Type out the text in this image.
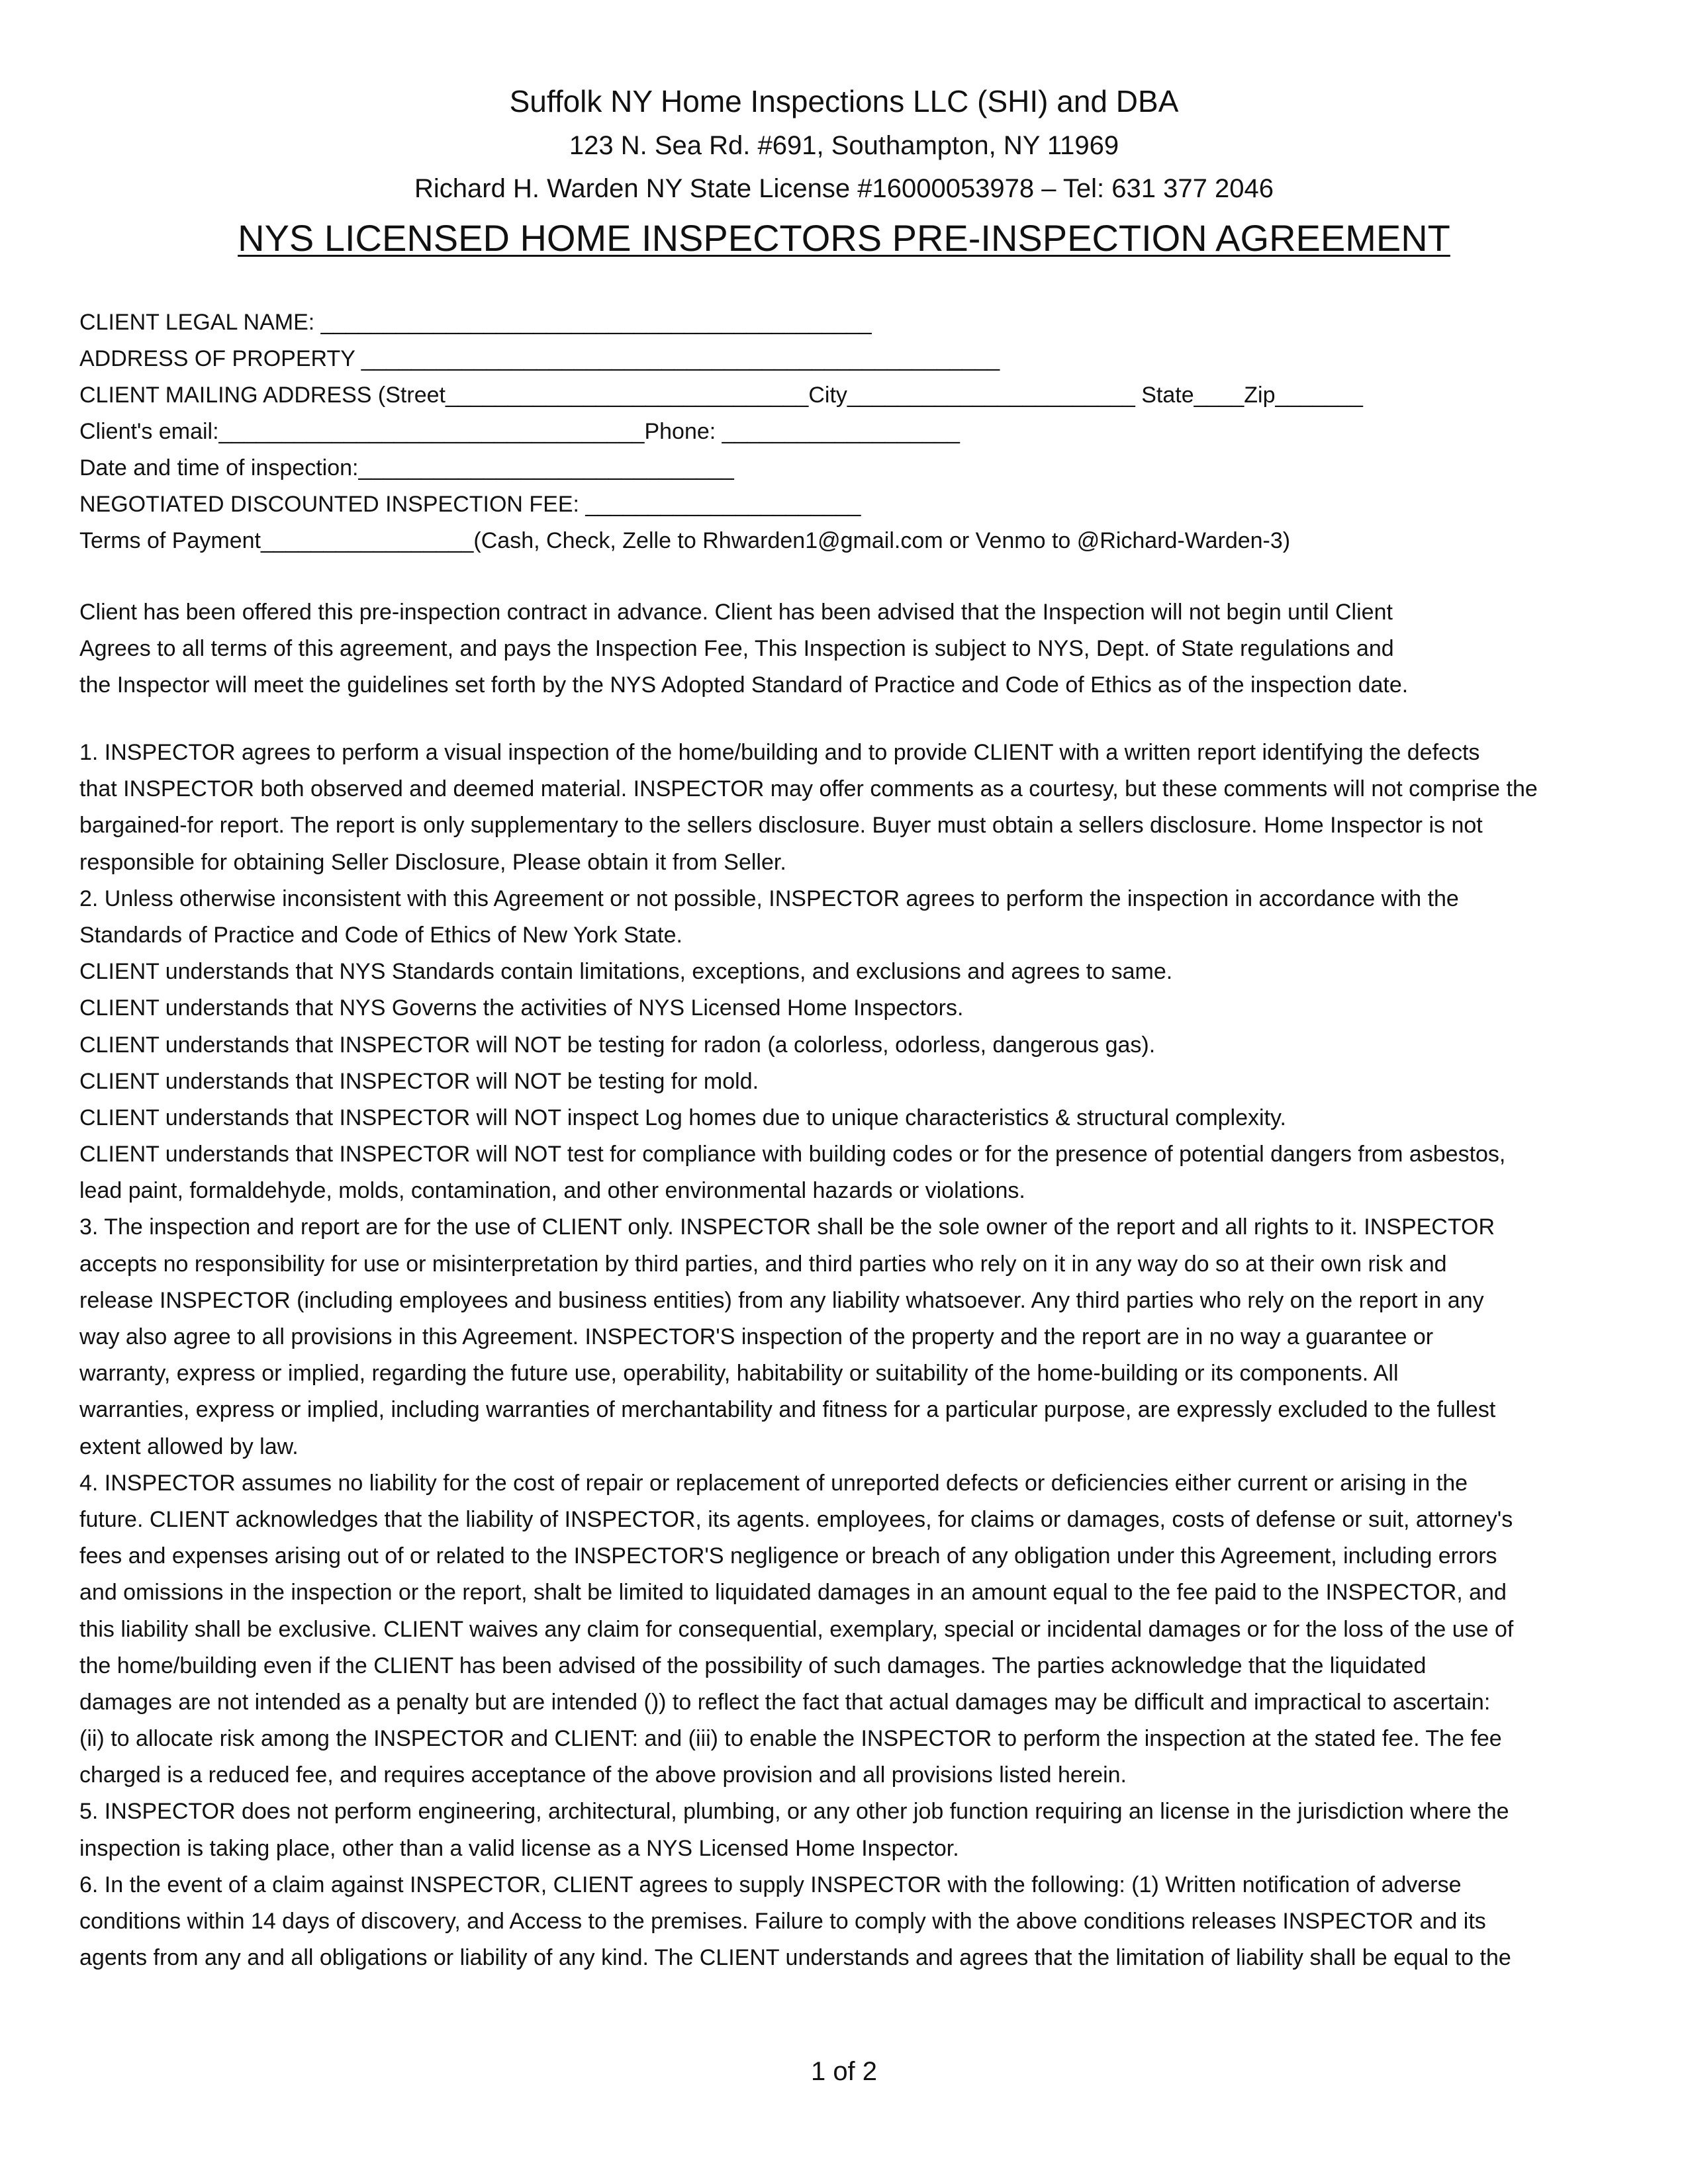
Suffolk NY Home Inspections LLC (SHI) and DBA
123 N. Sea Rd. #691, Southampton, NY 11969
Richard H. Warden NY State License #16000053978 – Tel: 631 377 2046
NYS LICENSED HOME INSPECTORS PRE-INSPECTION AGREEMENT
CLIENT LEGAL NAME: ____________________________________________
ADDRESS OF PROPERTY ___________________________________________________
CLIENT MAILING ADDRESS (Street_____________________________City_______________________ State____Zip_______
Client's email:__________________________________Phone: ___________________
Date and time of inspection:______________________________
NEGOTIATED DISCOUNTED INSPECTION FEE: ______________________
Terms of Payment_________________(Cash, Check, Zelle to Rhwarden1@gmail.com or Venmo to @Richard-Warden-3)
Client has been offered this pre-inspection contract in advance. Client has been advised that the Inspection will not begin until Client
Agrees to all terms of this agreement, and pays the Inspection Fee, This Inspection is subject to NYS, Dept. of State regulations and
the Inspector will meet the guidelines set forth by the NYS Adopted Standard of Practice and Code of Ethics as of the inspection date.
1. INSPECTOR agrees to perform a visual inspection of the home/building and to provide CLIENT with a written report identifying the defects
that INSPECTOR both observed and deemed material. INSPECTOR may offer comments as a courtesy, but these comments will not comprise the
bargained-for report. The report is only supplementary to the sellers disclosure. Buyer must obtain a sellers disclosure. Home Inspector is not
responsible for obtaining Seller Disclosure, Please obtain it from Seller.
2. Unless otherwise inconsistent with this Agreement or not possible, INSPECTOR agrees to perform the inspection in accordance with the
Standards of Practice and Code of Ethics of New York State.
CLIENT understands that NYS Standards contain limitations, exceptions, and exclusions and agrees to same.
CLIENT understands that NYS Governs the activities of NYS Licensed Home Inspectors.
CLIENT understands that INSPECTOR will NOT be testing for radon (a colorless, odorless, dangerous gas).
CLIENT understands that INSPECTOR will NOT be testing for mold.
CLIENT understands that INSPECTOR will NOT inspect Log homes due to unique characteristics & structural complexity.
CLIENT understands that INSPECTOR will NOT test for compliance with building codes or for the presence of potential dangers from asbestos,
lead paint, formaldehyde, molds, contamination, and other environmental hazards or violations.
3. The inspection and report are for the use of CLIENT only. INSPECTOR shall be the sole owner of the report and all rights to it. INSPECTOR
accepts no responsibility for use or misinterpretation by third parties, and third parties who rely on it in any way do so at their own risk and
release INSPECTOR (including employees and business entities) from any liability whatsoever. Any third parties who rely on the report in any
way also agree to all provisions in this Agreement. INSPECTOR'S inspection of the property and the report are in no way a guarantee or
warranty, express or implied, regarding the future use, operability, habitability or suitability of the home-building or its components. All
warranties, express or implied, including warranties of merchantability and fitness for a particular purpose, are expressly excluded to the fullest
extent allowed by law.
4. INSPECTOR assumes no liability for the cost of repair or replacement of unreported defects or deficiencies either current or arising in the
future. CLIENT acknowledges that the liability of INSPECTOR, its agents. employees, for claims or damages, costs of defense or suit, attorney's
fees and expenses arising out of or related to the INSPECTOR'S negligence or breach of any obligation under this Agreement, including errors
and omissions in the inspection or the report, shalt be limited to liquidated damages in an amount equal to the fee paid to the INSPECTOR, and
this liability shall be exclusive. CLIENT waives any claim for consequential, exemplary, special or incidental damages or for the loss of the use of
the home/building even if the CLIENT has been advised of the possibility of such damages. The parties acknowledge that the liquidated
damages are not intended as a penalty but are intended ()) to reflect the fact that actual damages may be difficult and impractical to ascertain:
(ii) to allocate risk among the INSPECTOR and CLIENT: and (iii) to enable the INSPECTOR to perform the inspection at the stated fee. The fee
charged is a reduced fee, and requires acceptance of the above provision and all provisions listed herein.
5. INSPECTOR does not perform engineering, architectural, plumbing, or any other job function requiring an license in the jurisdiction where the
inspection is taking place, other than a valid license as a NYS Licensed Home Inspector.
6. In the event of a claim against INSPECTOR, CLIENT agrees to supply INSPECTOR with the following: (1) Written notification of adverse
conditions within 14 days of discovery, and Access to the premises. Failure to comply with the above conditions releases INSPECTOR and its
agents from any and all obligations or liability of any kind. The CLIENT understands and agrees that the limitation of liability shall be equal to the
1 of 2
